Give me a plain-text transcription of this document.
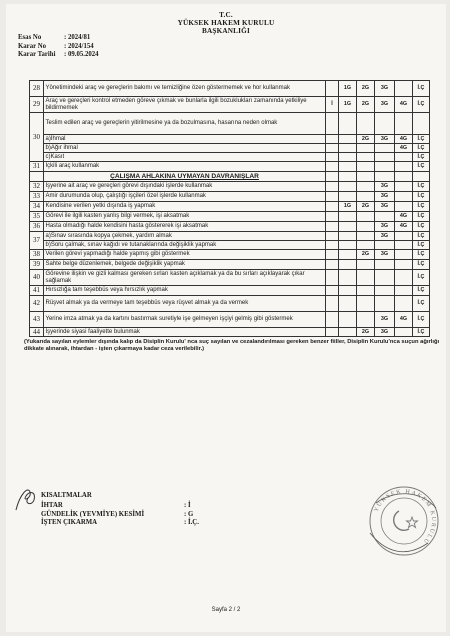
T.C.
YÜKSEK HAKEM KURULU
BAŞKANLIĞI
Esas No	: 2024/81
Karar No	: 2024/154
Karar Tarihi : 09.05.2024
28	Yönetimindeki araç ve gereçlerin bakımı ve temizliğine özen göstermemek ve hor kullanmak		1G	2G	3G		İ.Ç
29	Araç ve gereçleri kontrol etmeden göreve çıkmak ve bunlarla ilgili bozuklukları zamanında yetkiliye bildirmemek	İ	1G	2G	3G	4G	İ.Ç
30	Teslim edilen araç ve gereçlerin yitirilmesine ya da bozulmasına, hasarına neden olmak						
	a)İhmal			2G	3G	4G	İ.Ç
	b)Ağır ihmal					4G	İ.Ç
	c)Kasıt						İ.Ç
31	İçkili araç kullanmak						İ.Ç
	ÇALIŞMA AHLAKINA UYMAYAN DAVRANIŞLAR						
32	İşyerine ait araç ve gereçleri görevi dışındaki işlerde kullanmak				3G		İ.Ç
33	Amir durumunda olup, çalıştığı işçileri özel işlerde kullanmak				3G		İ.Ç
34	Kendisine verilen yetki dışında iş yapmak		1G	2G	3G		İ.Ç
35	Görevi ile ilgili kasten yanlış bilgi vermek, işi aksatmak					4G	İ.Ç
36	Hasta olmadığı halde kendisini hasta göstererek işi aksatmak				3G	4G	İ.Ç
37	a)Sınav sırasında kopya çekmek, yardım almak				3G		İ.Ç
	b)Soru çalmak, sınav kağıdı ve tutanaklarında değişiklik yapmak						İ.Ç
38	Verilen görevi yapmadığı halde yapmış gibi göstermek			2G	3G		İ.Ç
39	Sahte belge düzenlemek, belgede değişiklik yapmak						İ.Ç
40	Görevine ilişkin ve gizli kalması gereken sırları kasten açıklamak ya da bu sırları açıklayarak çıkar sağlamak						İ.Ç
41	Hırsızlığa tam teşebbüs veya hırsızlık yapmak						İ.Ç
42	Rüşvet almak ya da vermeye tam teşebbüs veya rüşvet almak ya da vermek						İ.Ç
43	Yerine imza atmak ya da kartını bastırmak suretiyle işe gelmeyen işçiyi gelmiş gibi göstermek				3G	4G	İ.Ç
44	İşyerinde siyasi faaliyette bulunmak			2G	3G		İ.Ç
KISALTMALAR
İHTAR	: İ
GÜNDELİK (YEVMİYE) KESİMİ	: G
İŞTEN ÇIKARMA	: İ.Ç.
Sayfa 2 / 2
YÜKSEK HAKEM KURULU
(Yukarıda sayılan eylemler dışında kalıp da Disiplin Kurulu' nca suç sayılan ve cezalandırılması gereken benzer fiiller, Disiplin Kurulu'nca suçun ağırlığı dikkate alınarak, ihtardan - işten çıkarmaya kadar ceza verilebilir.)
